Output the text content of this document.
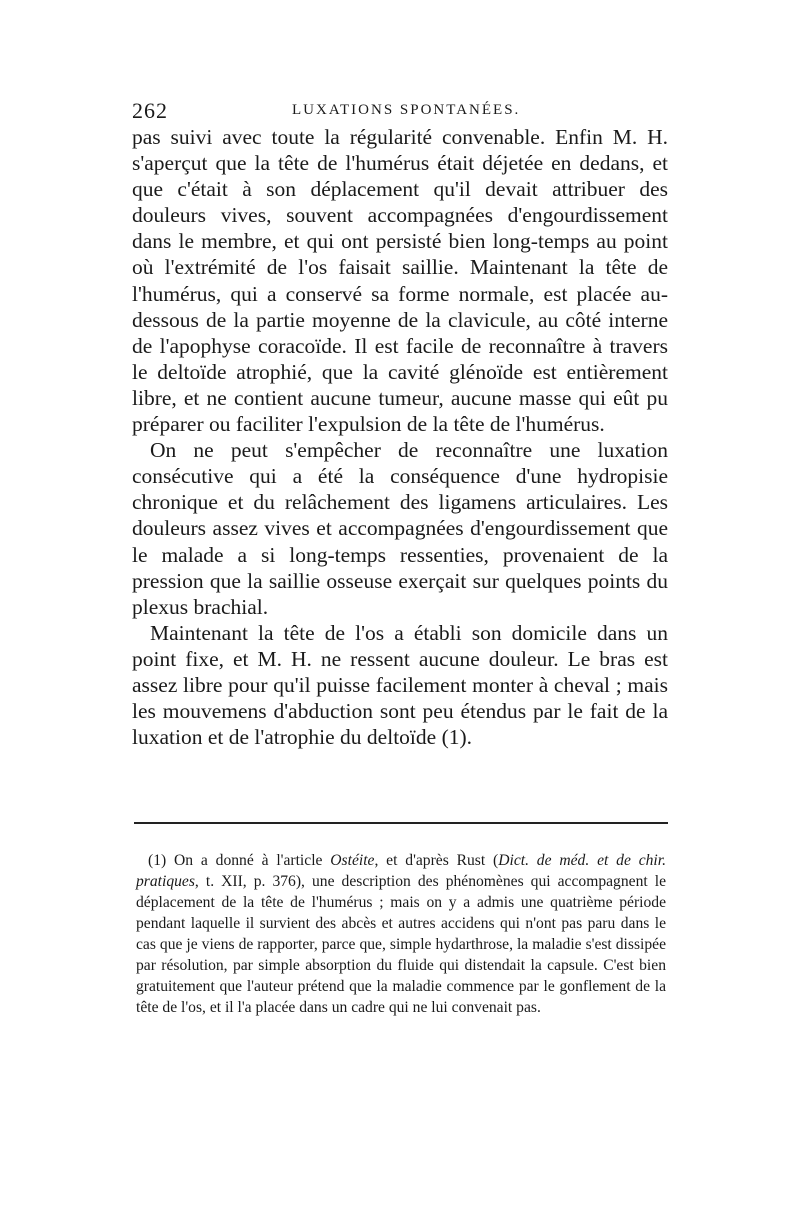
262	LUXATIONS SPONTANÉES.

pas suivi avec toute la régularité convenable. Enfin M. H. s'aperçut que la tête de l'humérus était déjetée en dedans, et que c'était à son déplacement qu'il devait attribuer des douleurs vives, souvent accompagnées d'engourdissement dans le membre, et qui ont persisté bien long-temps au point où l'extrémité de l'os faisait saillie. Maintenant la tête de l'humérus, qui a conservé sa forme normale, est placée au-dessous de la partie moyenne de la clavicule, au côté interne de l'apophyse coracoïde. Il est facile de reconnaître à travers le deltoïde atrophié, que la cavité glénoïde est entièrement libre, et ne contient aucune tumeur, aucune masse qui eût pu préparer ou faciliter l'expulsion de la tête de l'humérus.

On ne peut s'empêcher de reconnaître une luxation consécutive qui a été la conséquence d'une hydropisie chronique et du relâchement des ligamens articulaires. Les douleurs assez vives et accompagnées d'engourdissement que le malade a si long-temps ressenties, provenaient de la pression que la saillie osseuse exerçait sur quelques points du plexus brachial.

Maintenant la tête de l'os a établi son domicile dans un point fixe, et M. H. ne ressent aucune douleur. Le bras est assez libre pour qu'il puisse facilement monter à cheval ; mais les mouvemens d'abduction sont peu étendus par le fait de la luxation et de l'atrophie du deltoïde (1).

(1) On a donné à l'article Ostéite, et d'après Rust (Dict. de méd. et de chir. pratiques, t. XII, p. 376), une description des phénomènes qui accompagnent le déplacement de la tête de l'humérus ; mais on y a admis une quatrième période pendant laquelle il survient des abcès et autres accidens qui n'ont pas paru dans le cas que je viens de rapporter, parce que, simple hydarthrose, la maladie s'est dissipée par résolution, par simple absorption du fluide qui distendait la capsule. C'est bien gratuitement que l'auteur prétend que la maladie commence par le gonflement de la tête de l'os, et il l'a placée dans un cadre qui ne lui convenait pas.
